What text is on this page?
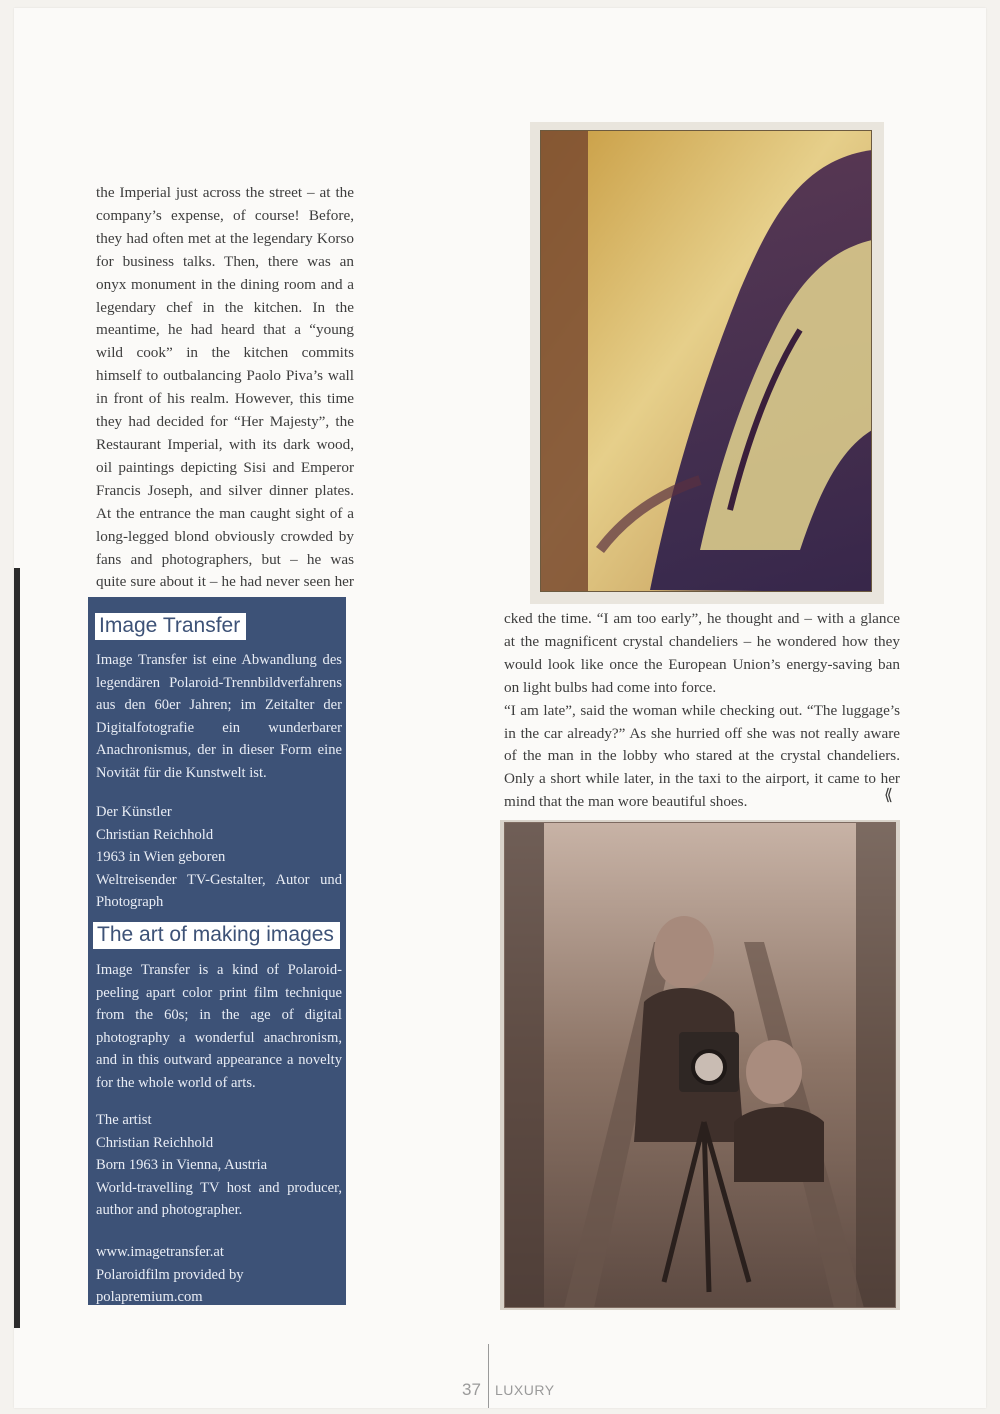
the Imperial just across the street – at the company’s expense, of course! Before, they had often met at the legendary Korso for business talks. Then, there was an onyx monument in the dining room and a legendary chef in the kitchen. In the meantime, he had heard that a “young wild cook” in the kitchen commits himself to outbalancing Paolo Piva’s wall in front of his realm. However, this time they had decided for “Her Majesty”, the Restaurant Imperial, with its dark wood, oil paintings depicting Sisi and Emperor Francis Joseph, and silver dinner plates. At the entrance the man caught sight of a long-legged blond obviously crowded by fans and photographers, but – he was quite sure about it – he had never seen her

Image Transfer

Image Transfer ist eine Abwandlung des legendären Polaroid-Trennbildverfahrens aus den 60er Jahren; im Zeitalter der Digitalfotografie ein wunderbarer Anachronismus, der in dieser Form eine Novität für die Kunstwelt ist.

Der Künstler

Christian Reichhold

1963 in Wien geboren

Weltreisender TV-Gestalter, Autor und Photograph

The art of making images

Image Transfer is a kind of Polaroid-peeling apart color print film technique from the 60s; in the age of digital photography a wonderful anachronism, and in this outward appearance a novelty for the whole world of arts.

The artist

Christian Reichhold

Born 1963 in Vienna, Austria

World-travelling TV host and producer, author and photographer.

www.imagetransfer.at

Polaroidfilm provided by polapremium.com

cked the time. “I am too early”, he thought and – with a glance at the magnificent crystal chandeliers – he wondered how they would look like once the European Union’s energy-saving ban on light bulbs had come into force.

“I am late”, said the woman while checking out. “The luggage’s in the car already?” As she hurried off she was not really aware of the man in the lobby who stared at the crystal chandeliers. Only a short while later, in the taxi to the airport, it came to her mind that the man wore beautiful shoes.	⟪
37 LUXURY
